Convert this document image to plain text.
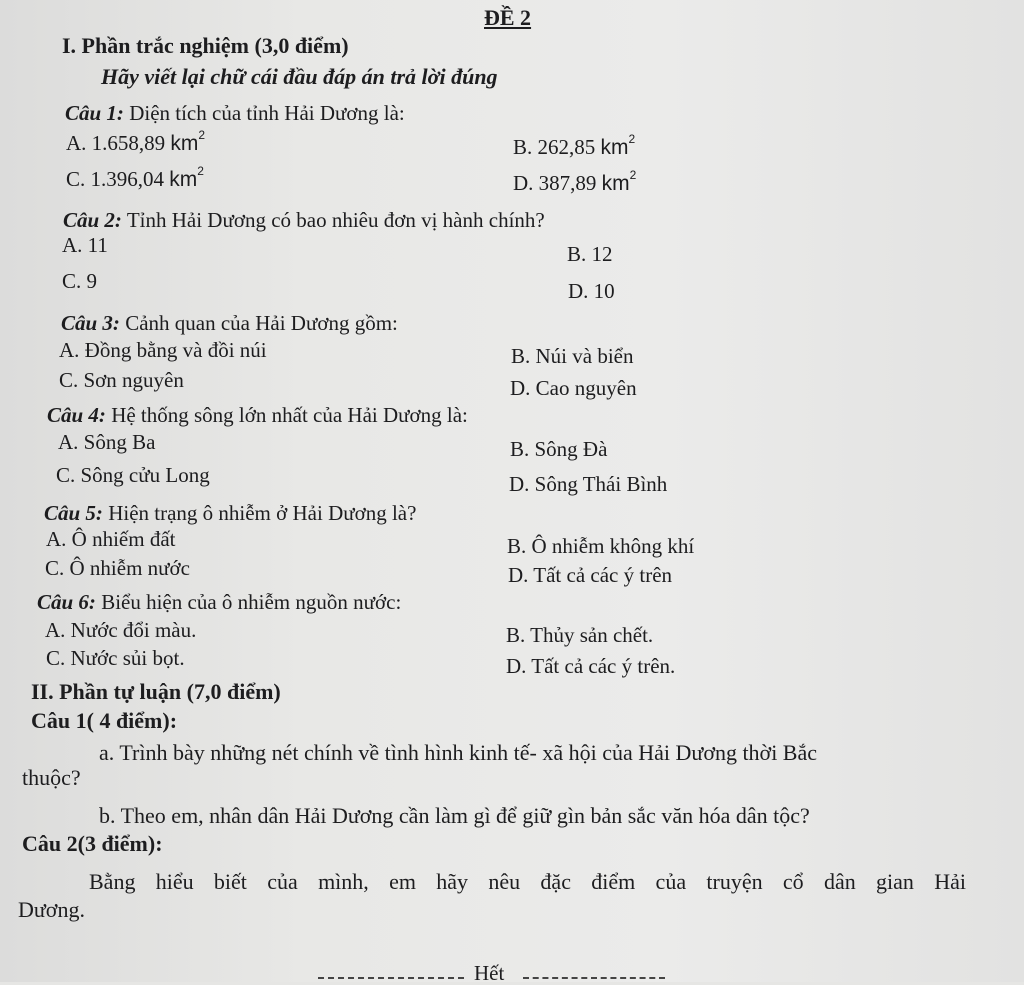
ĐỀ 2
I. Phần trắc nghiệm (3,0 điểm)
Hãy viết lại chữ cái đầu đáp án trả lời đúng
Câu 1: Diện tích của tỉnh Hải Dương là:
A. 1.658,89 $km^2$	B. 262,85 $km^2$
C. 1.396,04 $km^2$	D. 387,89 $km^2$
Câu 2: Tỉnh Hải Dương có bao nhiêu đơn vị hành chính?
A. 11	B. 12
C. 9	D. 10
Câu 3: Cảnh quan của Hải Dương gồm:
A. Đồng bằng và đồi núi	B. Núi và biển
C. Sơn nguyên	D. Cao nguyên
Câu 4: Hệ thống sông lớn nhất của Hải Dương là:
A. Sông Ba	B. Sông Đà
C. Sông cửu Long	D. Sông Thái Bình
Câu 5: Hiện trạng ô nhiễm ở Hải Dương là?
A. Ô nhiếm đất	B. Ô nhiễm không khí
C. Ô nhiễm nước	D. Tất cả các ý trên
Câu 6: Biểu hiện của ô nhiễm nguồn nước:
A. Nước đổi màu.	B. Thủy sản chết.
C. Nước sủi bọt.	D. Tất cả các ý trên.
II. Phần tự luận (7,0 điểm)
Câu 1( 4 điểm):
a. Trình bày những nét chính về tình hình kinh tế- xã hội của Hải Dương thời Bắc
thuộc?
b. Theo em, nhân dân Hải Dương cần làm gì để giữ gìn bản sắc văn hóa dân tộc?
Câu 2(3 điểm):
Bằng hiểu biết của mình, em hãy nêu đặc điểm của truyện cổ dân gian Hải
Dương.
Hết
